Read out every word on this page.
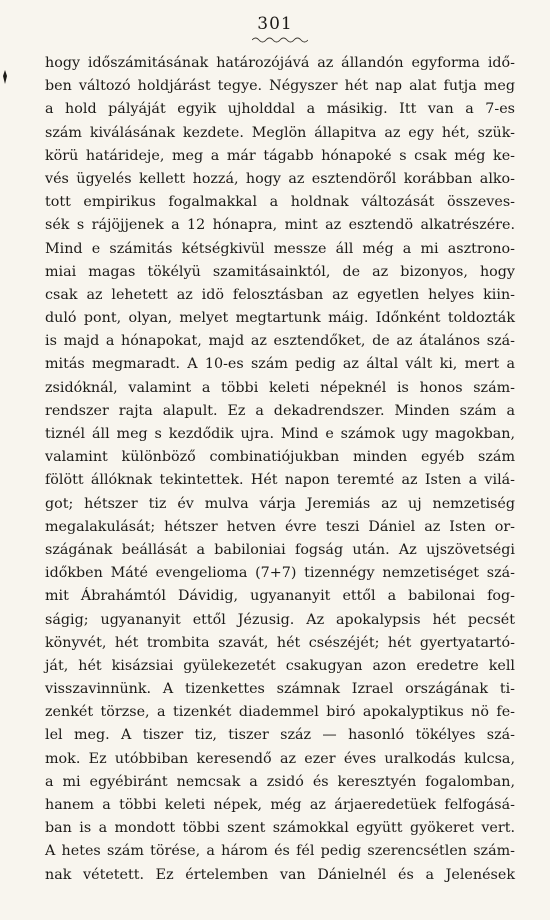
301
hogy időszámitásának határozójává az állandón egyforma idő-
ben változó holdjárást tegye. Négyszer hét nap alat futja meg
a hold pályáját egyik ujholddal a másikig. Itt van a 7-es
szám kiválásának kezdete. Meglön állapitva az egy hét, szük-
körü határideje, meg a már tágabb hónapoké s csak még ke-
vés ügyelés kellett hozzá, hogy az esztendöről korábban alko-
tott empirikus fogalmakkal a holdnak változását összeves-
sék s rájöjjenek a 12 hónapra, mint az esztendö alkatrészére.
Mind e számitás kétségkivül messze áll még a mi asztrono-
miai magas tökélyü szamitásainktól, de az bizonyos, hogy
csak az lehetett az idö felosztásban az egyetlen helyes kiin-
duló pont, olyan, melyet megtartunk máig. Időnként toldozták
is majd a hónapokat, majd az esztendőket, de az átalános szá-
mitás megmaradt. A 10-es szám pedig az által vált ki, mert a
zsidóknál, valamint a többi keleti népeknél is honos szám-
rendszer rajta alapult. Ez a dekadrendszer. Minden szám a
tiznél áll meg s kezdődik ujra. Mind e számok ugy magokban,
valamint különböző combinatiójukban minden egyéb szám
fölött állóknak tekintettek. Hét napon teremté az Isten a vilá-
got; hétszer tiz év mulva várja Jeremiás az uj nemzetiség
megalakulását; hétszer hetven évre teszi Dániel az Isten or-
szágának beállását a babiloniai fogság után. Az ujszövetségi
időkben Máté evengelioma (7+7) tizennégy nemzetiséget szá-
mit Ábrahámtól Dávidig, ugyananyit ettől a babilonai fog-
ságig; ugyananyit ettől Jézusig. Az apokalypsis hét pecsét
könyvét, hét trombita szavát, hét csészéjét; hét gyertyatartó-
ját, hét kisázsiai gyülekezetét csakugyan azon eredetre kell
visszavinnünk. A tizenkettes számnak Izrael országának ti-
zenkét törzse, a tizenkét diademmel biró apokalyptikus nö fe-
lel meg. A tiszer tiz, tiszer száz — hasonló tökélyes szá-
mok. Ez utóbbiban keresendő az ezer éves uralkodás kulcsa,
a mi egyébiránt nemcsak a zsidó és keresztyén fogalomban,
hanem a többi keleti népek, még az árjaeredetüek felfogásá-
ban is a mondott többi szent számokkal együtt gyökeret vert.
A hetes szám törése, a három és fél pedig szerencsétlen szám-
nak vétetett. Ez értelemben van Dánielnél és a Jelenések
